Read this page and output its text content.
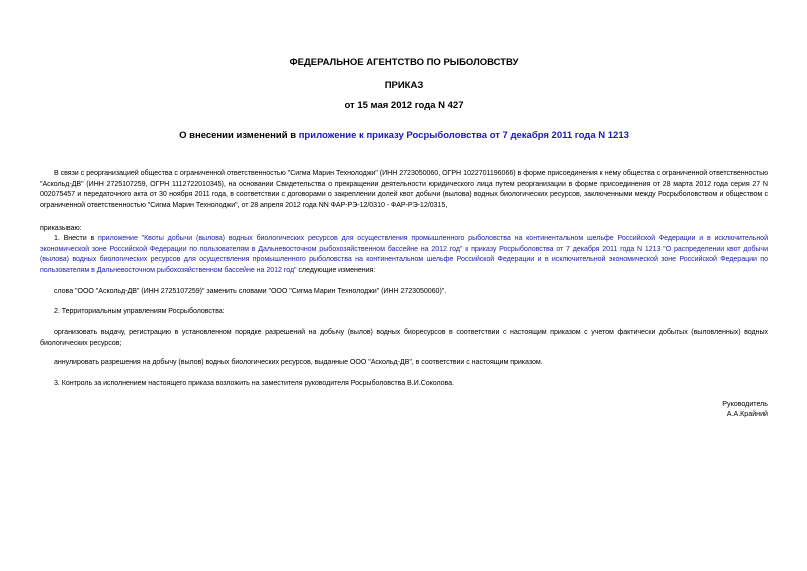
ФЕДЕРАЛЬНОЕ АГЕНТСТВО ПО РЫБОЛОВСТВУ
ПРИКАЗ
от 15 мая 2012 года N 427
О внесении изменений в приложение к приказу Росрыболовства от 7 декабря 2011 года N 1213
В связи с реорганизацией общества с ограниченной ответственностью "Сигма Марин Технолоджи" (ИНН 2723050060, ОГРН 1022701196066) в форме присоединения к нему общества с ограниченной ответственностью "Аскольд-ДВ" (ИНН 2725107259, ОГРН 1112722010345), на основании Свидетельства о прекращении деятельности юридического лица путем реорганизации в форме присоединения от 28 марта 2012 года серия 27 N 002075457 и передаточного акта от 30 ноября 2011 года, в соответствии с договорами о закреплении долей квот добычи (вылова) водных биологических ресурсов, заключенными между Росрыболовством и обществом с ограниченной ответственностью "Сигма Марин Технолоджи", от 28 апреля 2012 года NN ФАР-РЭ-12/0310 - ФАР-РЭ-12/0315,
приказываю:
1. Внести в приложение "Квоты добычи (вылова) водных биологических ресурсов для осуществления промышленного рыболовства на континентальном шельфе Российской Федерации и в исключительной экономической зоне Российской Федерации по пользователям в Дальневосточном рыбохозяйственном бассейне на 2012 год" к приказу Росрыболовства от 7 декабря 2011 года N 1213 "О распределении квот добычи (вылова) водных биологических ресурсов для осуществления промышленного рыболовства на континентальном шельфе Российской Федерации и в исключительной экономической зоне Российской Федерации по пользователям в Дальневосточном рыбохозяйственном бассейне на 2012 год" следующие изменения:
слова "ООО "Аскольд-ДВ" (ИНН 2725107259)" заменить словами "ООО "Сигма Марин Технолоджи" (ИНН 2723050060)".
2. Территориальным управлениям Росрыболовства:
организовать выдачу, регистрацию в установленном порядке разрешений на добычу (вылов) водных биоресурсов в соответствии с настоящим приказом с учетом фактически добытых (выловленных) водных биологических ресурсов;
аннулировать разрешения на добычу (вылов) водных биологических ресурсов, выданные ООО "Аскольд-ДВ", в соответствии с настоящим приказом.
3. Контроль за исполнением настоящего приказа возложить на заместителя руководителя Росрыболовства В.И.Соколова.
Руководитель
А.А.Крайний
